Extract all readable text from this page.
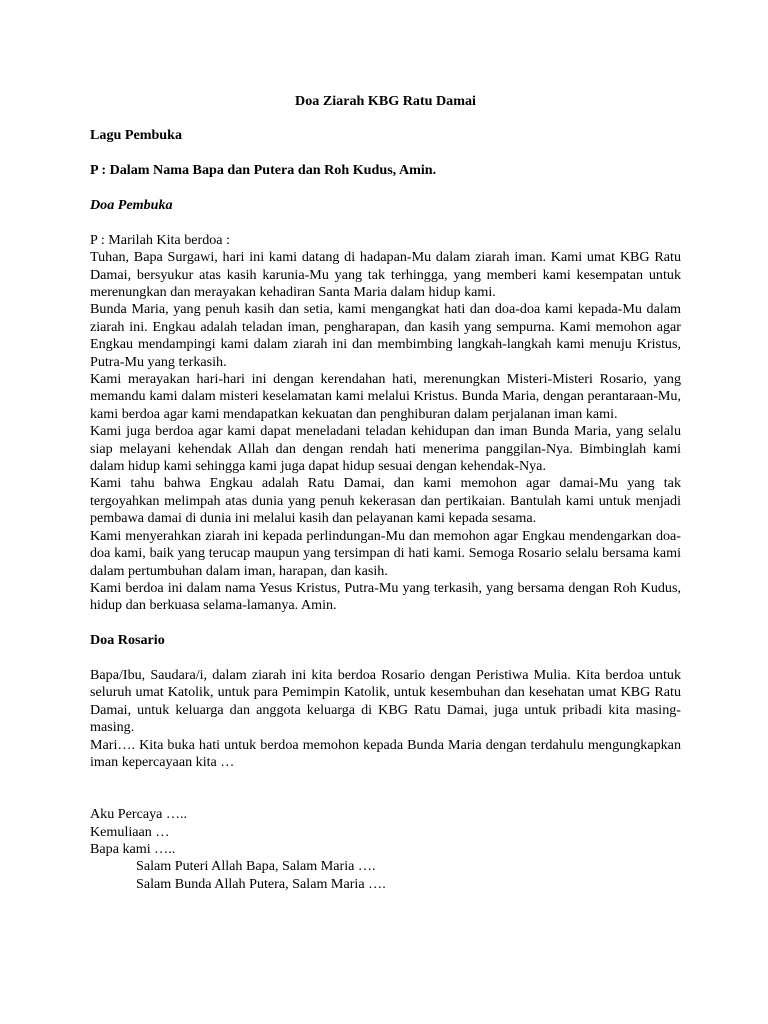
Doa Ziarah KBG Ratu Damai

Lagu Pembuka

P : Dalam Nama Bapa dan Putera dan Roh Kudus, Amin.

Doa Pembuka

P : Marilah Kita berdoa :

Tuhan, Bapa Surgawi, hari ini kami datang di hadapan-Mu dalam ziarah iman. Kami umat KBG Ratu Damai, bersyukur atas kasih karunia-Mu yang tak terhingga, yang memberi kami kesempatan untuk merenungkan dan merayakan kehadiran Santa Maria dalam hidup kami.

Bunda Maria, yang penuh kasih dan setia, kami mengangkat hati dan doa-doa kami kepada-Mu dalam ziarah ini. Engkau adalah teladan iman, pengharapan, dan kasih yang sempurna. Kami memohon agar Engkau mendampingi kami dalam ziarah ini dan membimbing langkah-langkah kami menuju Kristus, Putra-Mu yang terkasih.

Kami merayakan hari-hari ini dengan kerendahan hati, merenungkan Misteri-Misteri Rosario, yang memandu kami dalam misteri keselamatan kami melalui Kristus. Bunda Maria, dengan perantaraan-Mu, kami berdoa agar kami mendapatkan kekuatan dan penghiburan dalam perjalanan iman kami.

Kami juga berdoa agar kami dapat meneladani teladan kehidupan dan iman Bunda Maria, yang selalu siap melayani kehendak Allah dan dengan rendah hati menerima panggilan-Nya. Bimbinglah kami dalam hidup kami sehingga kami juga dapat hidup sesuai dengan kehendak-Nya.

Kami tahu bahwa Engkau adalah Ratu Damai, dan kami memohon agar damai-Mu yang tak tergoyahkan melimpah atas dunia yang penuh kekerasan dan pertikaian. Bantulah kami untuk menjadi pembawa damai di dunia ini melalui kasih dan pelayanan kami kepada sesama.

Kami menyerahkan ziarah ini kepada perlindungan-Mu dan memohon agar Engkau mendengarkan doa-doa kami, baik yang terucap maupun yang tersimpan di hati kami. Semoga Rosario selalu bersama kami dalam pertumbuhan dalam iman, harapan, dan kasih.

Kami berdoa ini dalam nama Yesus Kristus, Putra-Mu yang terkasih, yang bersama dengan Roh Kudus, hidup dan berkuasa selama-lamanya. Amin.

Doa Rosario

Bapa/Ibu, Saudara/i, dalam ziarah ini kita berdoa Rosario dengan Peristiwa Mulia. Kita berdoa untuk seluruh umat Katolik, untuk para Pemimpin Katolik, untuk kesembuhan dan kesehatan umat KBG Ratu Damai, untuk keluarga dan anggota keluarga di KBG Ratu Damai, juga untuk pribadi kita masing-masing.

Mari…. Kita buka hati untuk berdoa memohon kepada Bunda Maria dengan terdahulu mengungkapkan iman kepercayaan kita …

Aku Percaya …..

Kemuliaan …

Bapa kami …..

Salam Puteri Allah Bapa, Salam Maria ….

Salam Bunda Allah Putera, Salam Maria ….
